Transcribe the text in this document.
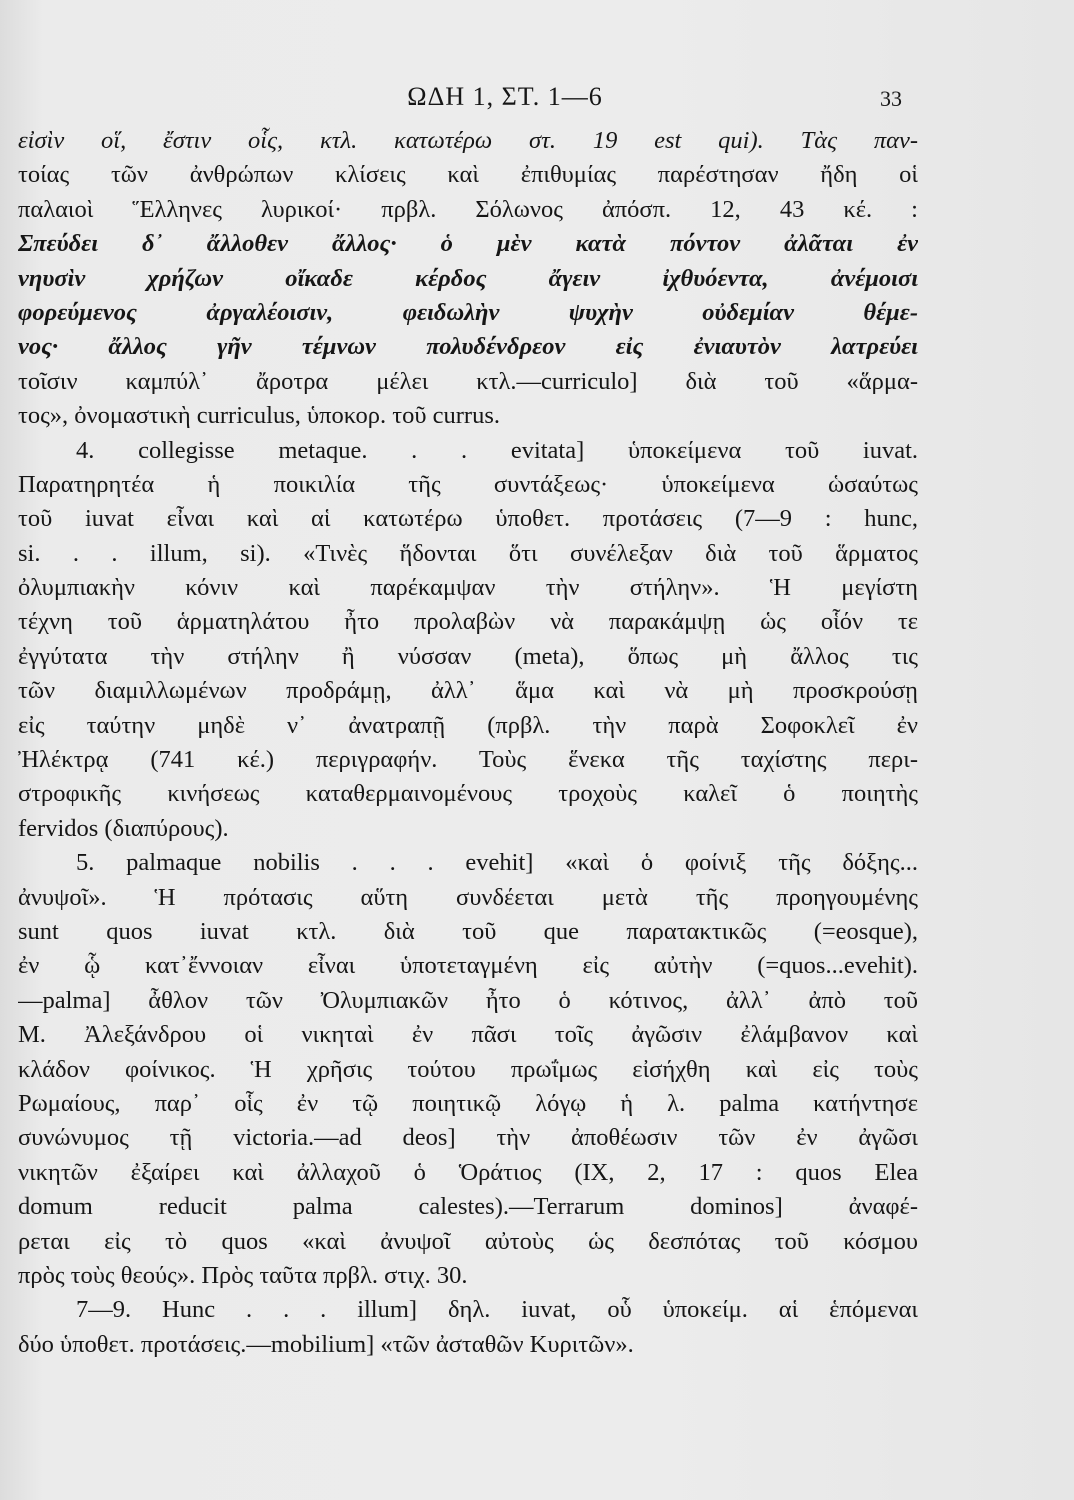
ΩΔΗ 1, ΣΤ. 1—6	33
εἰσὶν οἵ, ἔστιν οἷς, κτλ. κατωτέρω στ. 19 est qui). Τὰς παν-
τοίας τῶν ἀνθρώπων κλίσεις καὶ ἐπιθυμίας παρέστησαν ἤδη οἱ
παλαιοὶ Ἕλληνες λυρικοί· πρβλ. Σόλωνος ἀπόσπ. 12, 43 κέ. :
Σπεύδει δ᾽ ἄλλοθεν ἄλλος· ὁ μὲν κατὰ πόντον ἀλᾶται ἐν
νηυσὶν χρήζων οἴκαδε κέρδος ἄγειν ἰχθυόεντα, ἀνέμοισι
φορεύμενος ἀργαλέοισιν, φειδωλὴν ψυχὴν οὐδεμίαν θέμε-
νος· ἄλλος γῆν τέμνων πολυδένδρεον εἰς ἐνιαυτὸν λατρεύει
τοῖσιν καμπύλ᾽ ἄροτρα μέλει κτλ.—curriculo] διὰ τοῦ «ἅρμα-
τος», ὀνομαστικὴ curriculus, ὑποκορ. τοῦ currus.
4. collegisse metaque. . . evitata] ὑποκείμενα τοῦ iuvat.
Παρατηρητέα ἡ ποικιλία τῆς συντάξεως· ὑποκείμενα ὡσαύτως
τοῦ iuvat εἶναι καὶ αἱ κατωτέρω ὑποθετ. προτάσεις (7—9 : hunc,
si. . . illum, si). «Τινὲς ἥδονται ὅτι συνέλεξαν διὰ τοῦ ἅρματος
ὀλυμπιακὴν κόνιν καὶ παρέκαμψαν τὴν στήλην». Ἡ μεγίστη
τέχνη τοῦ ἁρματηλάτου ἦτο προλαβὼν νὰ παρακάμψῃ ὡς οἷόν τε
ἐγγύτατα τὴν στήλην ἢ νύσσαν (meta), ὅπως μὴ ἄλλος τις
τῶν διαμιλλωμένων προδράμῃ, ἀλλ᾽ ἅμα καὶ νὰ μὴ προσκρούσῃ
εἰς ταύτην μηδὲ ν᾽ ἀνατραπῇ (πρβλ. τὴν παρὰ Σοφοκλεῖ ἐν
Ἠλέκτρᾳ (741 κέ.) περιγραφήν. Τοὺς ἕνεκα τῆς ταχίστης περι-
στροφικῆς κινήσεως καταθερμαινομένους τροχοὺς καλεῖ ὁ ποιητὴς
fervidos (διαπύρους).
5. palmaque nobilis . . . evehit] «καὶ ὁ φοίνιξ τῆς δόξης...
ἀνυψοῖ». Ἡ πρότασις αὕτη συνδέεται μετὰ τῆς προηγουμένης
sunt quos iuvat κτλ. διὰ τοῦ que παρατακτικῶς (=eosque),
ἐν ᾧ κατ᾽ἔννοιαν εἶναι ὑποτεταγμένη εἰς αὐτὴν (=quos...evehit).
—palma] ἆθλον τῶν Ὀλυμπιακῶν ἦτο ὁ κότινος, ἀλλ᾽ ἀπὸ τοῦ
Μ. Ἀλεξάνδρου οἱ νικηταὶ ἐν πᾶσι τοῖς ἀγῶσιν ἐλάμβανον καὶ
κλάδον φοίνικος. Ἡ χρῆσις τούτου πρωΐμως εἰσήχθη καὶ εἰς τοὺς
Ρωμαίους, παρ᾽ οἷς ἐν τῷ ποιητικῷ λόγῳ ἡ λ. palma κατήντησε
συνώνυμος τῇ victoria.—ad deos] τὴν ἀποθέωσιν τῶν ἐν ἀγῶσι
νικητῶν ἐξαίρει καὶ ἀλλαχοῦ ὁ Ὁράτιος (IX, 2, 17 : quos Elea
domum reducit palma calestes).—Terrarum dominos] ἀναφέ-
ρεται εἰς τὸ quos «καὶ ἀνυψοῖ αὐτοὺς ὡς δεσπότας τοῦ κόσμου
πρὸς τοὺς θεούς». Πρὸς ταῦτα πρβλ. στιχ. 30.
7—9. Hunc . . . illum] δηλ. iuvat, οὗ ὑποκείμ. αἱ ἑπόμεναι
δύο ὑποθετ. προτάσεις.—mobilium] «τῶν ἀσταθῶν Κυριτῶν».
